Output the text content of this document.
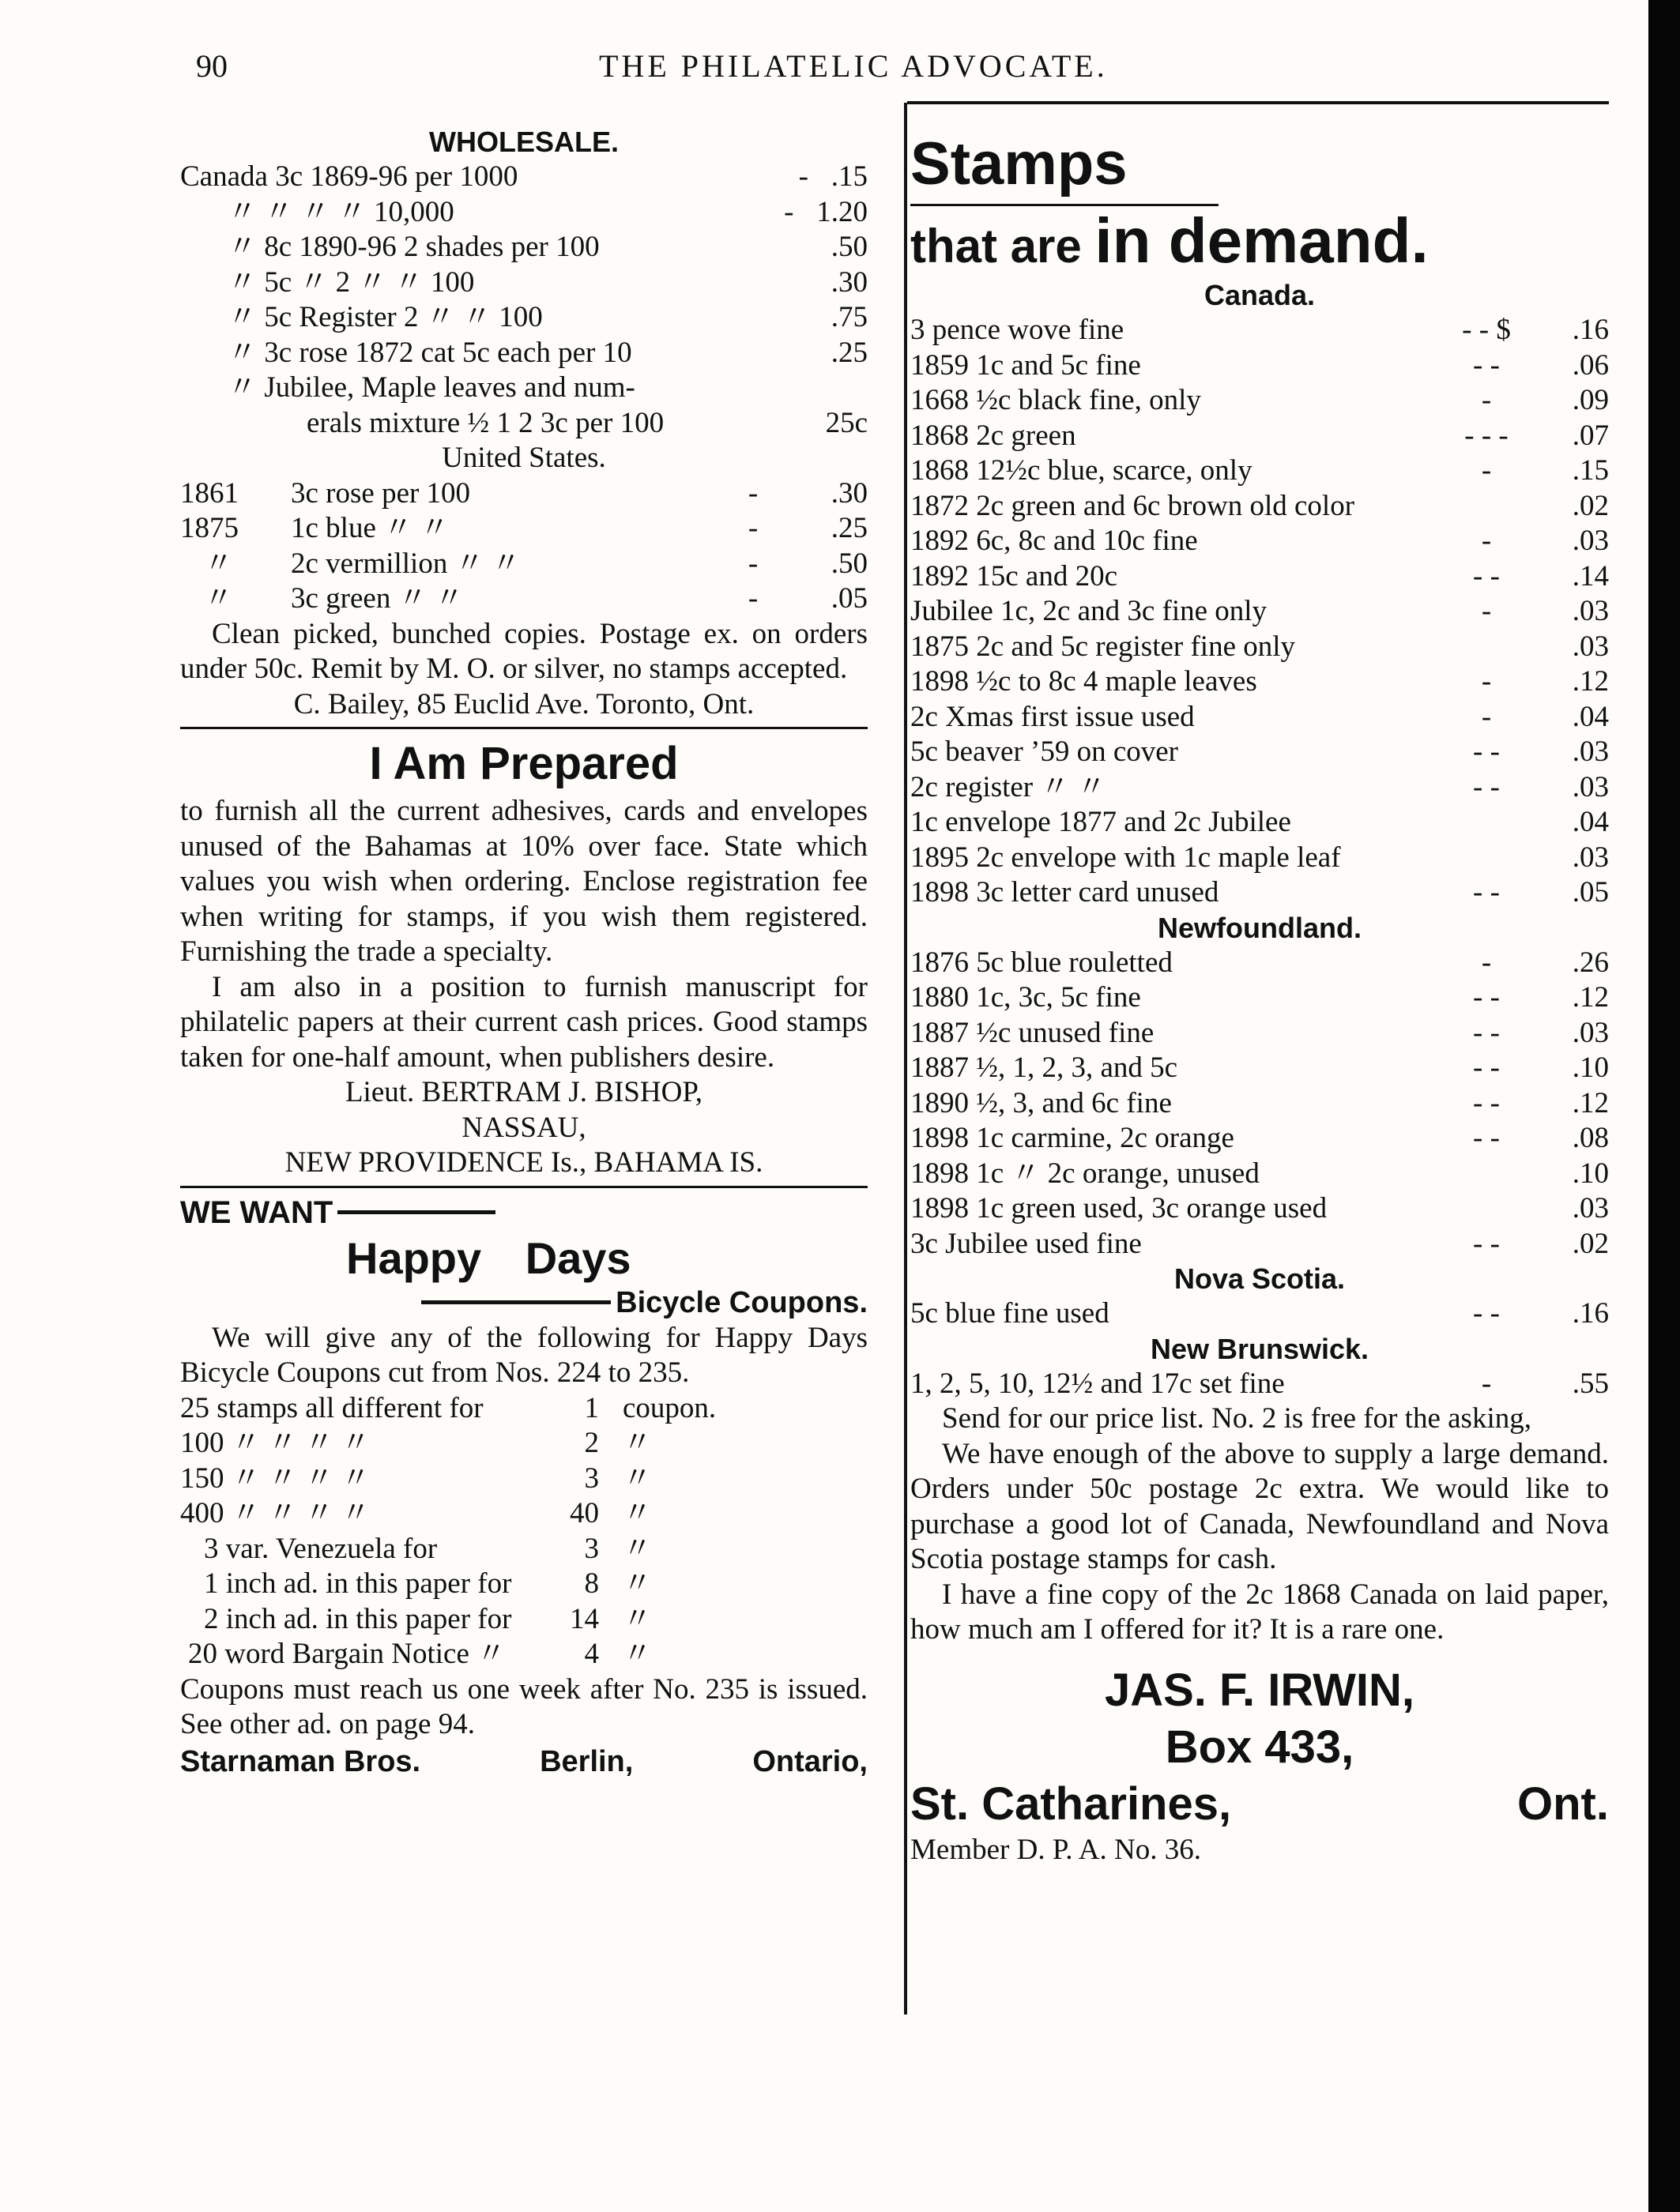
90	THE PHILATELIC ADVOCATE.
WHOLESALE.
Canada 3c 1869-96 per 1000	- .15
〃 〃 〃 〃 10,000	- 1.20
〃 8c 1890-96 2 shades per 100	.50
〃 5c 〃 2 〃 〃 100	.30
〃 5c Register 2 〃 〃 100	.75
〃 3c rose 1872 cat 5c each per 10	.25
〃 Jubilee, Maple leaves and num-
erals mixture ½ 1 2 3c per 100	25c
United States.
1861	3c rose per 100	-	.30
1875	1c blue 〃 〃	-	.25
〃	2c vermillion 〃 〃	-	.50
〃	3c green 〃 〃	-	.05
Clean picked, bunched copies. Postage ex. on orders under 50c. Remit by M. O. or silver, no stamps accepted.
C. Bailey, 85 Euclid Ave. Toronto, Ont.
I Am Prepared
to furnish all the current adhesives, cards and envelopes unused of the Bahamas at 10% over face. State which values you wish when ordering. Enclose registration fee when writing for stamps, if you wish them registered. Furnishing the trade a specialty.
I am also in a position to furnish manuscript for philatelic papers at their current cash prices. Good stamps taken for one-half amount, when publishers desire.
Lieut. BERTRAM J. BISHOP,
NASSAU,
NEW PROVIDENCE Is., BAHAMA IS.
WE WANT
Happy Days
Bicycle Coupons.
We will give any of the following for Happy Days Bicycle Coupons cut from Nos. 224 to 235.
25 stamps all different for	1 coupon.
100 〃 〃 〃 〃	2 〃
150 〃 〃 〃 〃	3 〃
400 〃 〃 〃 〃	40 〃
3 var. Venezuela for	3 〃
1 inch ad. in this paper for	8 〃
2 inch ad. in this paper for	14 〃
20 word Bargain Notice 〃	4 〃
Coupons must reach us one week after No. 235 is issued. See other ad. on page 94.
Starnaman Bros.	Berlin,	Ontario,
Stamps
that are in demand.
Canada.
3 pence wove fine	- - $	.16
1859 1c and 5c fine	- -	.06
1668 ½c black fine, only	-	.09
1868 2c green	- - -	.07
1868 12½c blue, scarce, only	-	.15
1872 2c green and 6c brown old color	.02
1892 6c, 8c and 10c fine	-	.03
1892 15c and 20c	- -	.14
Jubilee 1c, 2c and 3c fine only	-	.03
1875 2c and 5c register fine only	.03
1898 ½c to 8c 4 maple leaves	-	.12
2c Xmas first issue used	-	.04
5c beaver ’59 on cover	- -	.03
2c register 〃 〃	- -	.03
1c envelope 1877 and 2c Jubilee	.04
1895 2c envelope with 1c maple leaf	.03
1898 3c letter card unused	- -	.05
Newfoundland.
1876 5c blue rouletted	-	.26
1880 1c, 3c, 5c fine	- -	.12
1887 ½c unused fine	- -	.03
1887 ½, 1, 2, 3, and 5c	- -	.10
1890 ½, 3, and 6c fine	- -	.12
1898 1c carmine, 2c orange	- -	.08
1898 1c 〃 2c orange, unused	.10
1898 1c green used, 3c orange used	.03
3c Jubilee used fine	- -	.02
Nova Scotia.
5c blue fine used	- -	.16
New Brunswick.
1, 2, 5, 10, 12½ and 17c set fine	-	.55
Send for our price list. No. 2 is free for the asking,
We have enough of the above to supply a large demand. Orders under 50c postage 2c extra. We would like to purchase a good lot of Canada, Newfoundland and Nova Scotia postage stamps for cash.
I have a fine copy of the 2c 1868 Canada on laid paper, how much am I offered for it? It is a rare one.
JAS. F. IRWIN,
Box 433,
St. Catharines,	Ont.
Member D. P. A. No. 36.
